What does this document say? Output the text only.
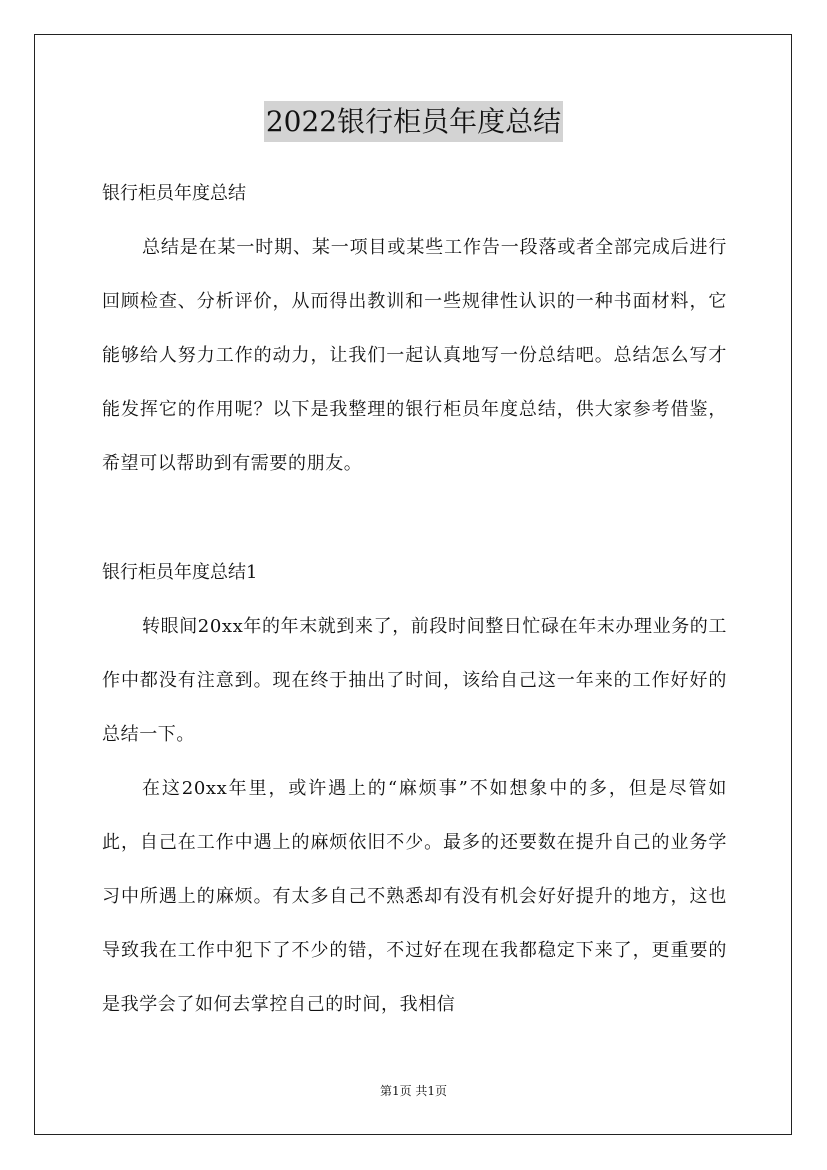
2022银行柜员年度总结
银行柜员年度总结
总结是在某一时期、某一项目或某些工作告一段落或者全部完成后进行回顾检查、分析评价，从而得出教训和一些规律性认识的一种书面材料，它能够给人努力工作的动力，让我们一起认真地写一份总结吧。总结怎么写才能发挥它的作用呢？以下是我整理的银行柜员年度总结，供大家参考借鉴，希望可以帮助到有需要的朋友。
银行柜员年度总结1
转眼间20xx年的年末就到来了，前段时间整日忙碌在年末办理业务的工作中都没有注意到。现在终于抽出了时间，该给自己这一年来的工作好好的总结一下。
在这20xx年里，或许遇上的“麻烦事”不如想象中的多，但是尽管如此，自己在工作中遇上的麻烦依旧不少。最多的还要数在提升自己的业务学习中所遇上的麻烦。有太多自己不熟悉却有没有机会好好提升的地方，这也导致我在工作中犯下了不少的错，不过好在现在我都稳定下来了，更重要的是我学会了如何去掌控自己的时间，我相信
第1页 共1页
